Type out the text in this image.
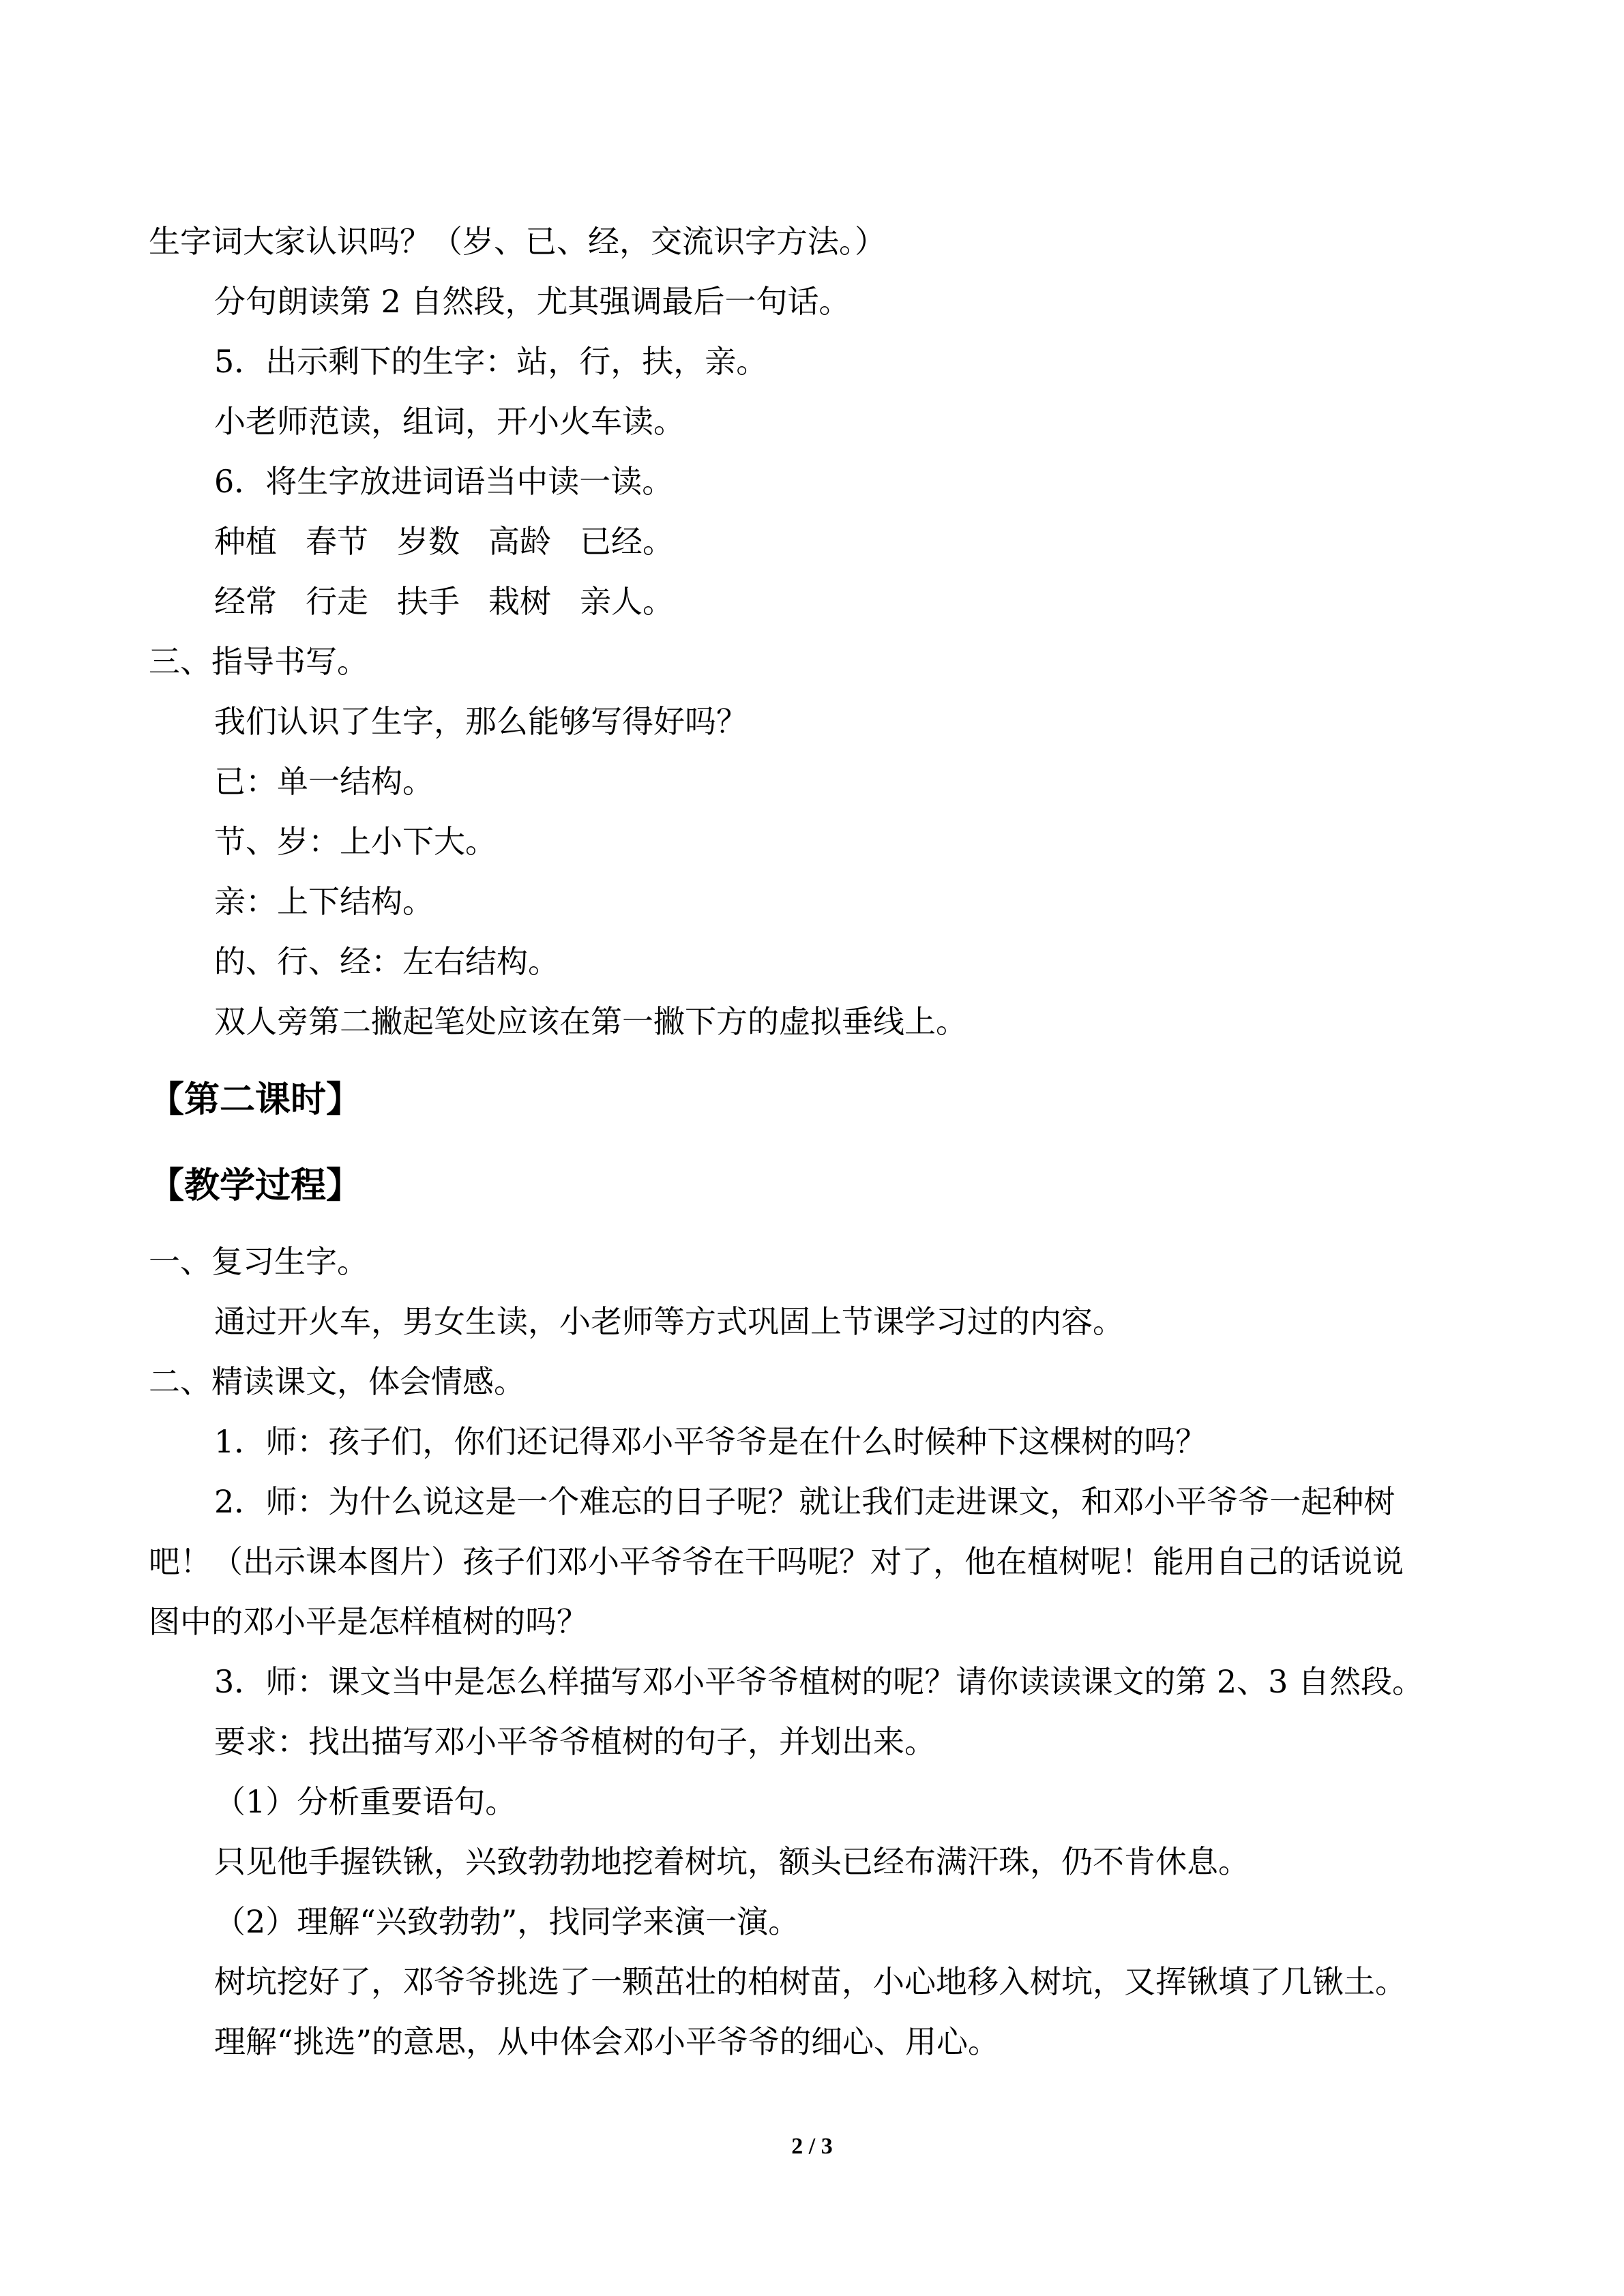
生字词大家认识吗？（岁、已、经，交流识字方法。）
分句朗读第 2 自然段，尤其强调最后一句话。
5．出示剩下的生字：站，行，扶，亲。
小老师范读，组词，开小火车读。
6．将生字放进词语当中读一读。
种植 春节 岁数 高龄 已经。
经常 行走 扶手 栽树 亲人。
三、指导书写。
我们认识了生字，那么能够写得好吗？
已：单一结构。
节、岁：上小下大。
亲：上下结构。
的、行、经：左右结构。
双人旁第二撇起笔处应该在第一撇下方的虚拟垂线上。
【第二课时】
【教学过程】
一、复习生字。
通过开火车，男女生读，小老师等方式巩固上节课学习过的内容。
二、精读课文，体会情感。
1．师：孩子们，你们还记得邓小平爷爷是在什么时候种下这棵树的吗？
2．师：为什么说这是一个难忘的日子呢？就让我们走进课文，和邓小平爷爷一起种树
吧！（出示课本图片）孩子们邓小平爷爷在干吗呢？对了，他在植树呢！能用自己的话说说
图中的邓小平是怎样植树的吗？
3．师：课文当中是怎么样描写邓小平爷爷植树的呢？请你读读课文的第 2、3 自然段。
要求：找出描写邓小平爷爷植树的句子，并划出来。
（1）分析重要语句。
只见他手握铁锹，兴致勃勃地挖着树坑，额头已经布满汗珠，仍不肯休息。
（2）理解“兴致勃勃”，找同学来演一演。
树坑挖好了，邓爷爷挑选了一颗茁壮的柏树苗，小心地移入树坑，又挥锹填了几锹土。
理解“挑选”的意思，从中体会邓小平爷爷的细心、用心。
2 / 3
